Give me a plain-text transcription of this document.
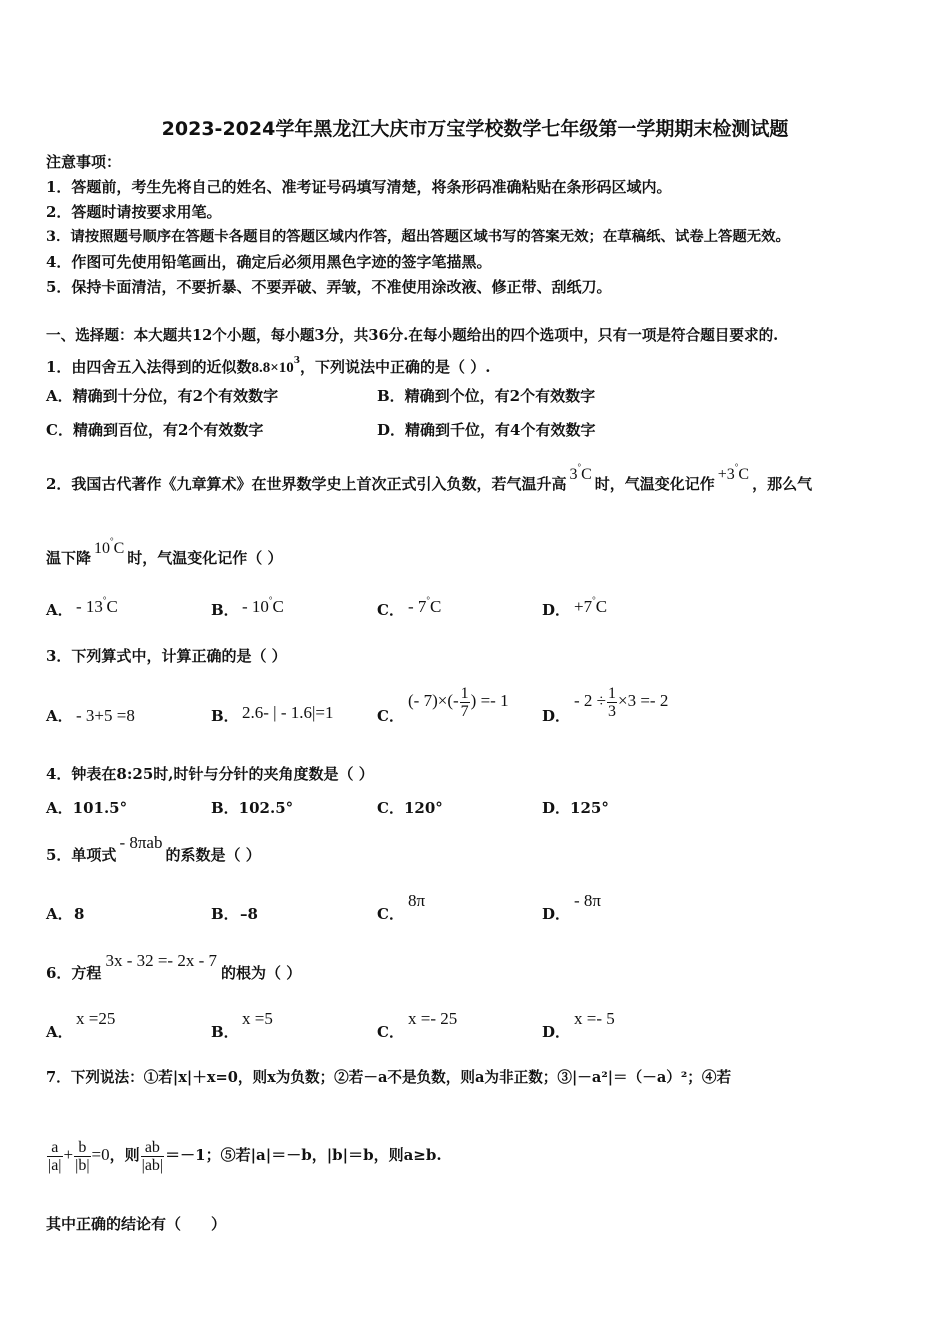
2023-2024学年黑龙江大庆市万宝学校数学七年级第一学期期末检测试题
注意事项：
1．答题前，考生先将自己的姓名、准考证号码填写清楚，将条形码准确粘贴在条形码区域内。
2．答题时请按要求用笔。
3．请按照题号顺序在答题卡各题目的答题区域内作答，超出答题区域书写的答案无效；在草稿纸、试卷上答题无效。
4．作图可先使用铅笔画出，确定后必须用黑色字迹的签字笔描黑。
5．保持卡面清洁，不要折暴、不要弄破、弄皱，不准使用涂改液、修正带、刮纸刀。
一、选择题：本大题共12个小题，每小题3分，共36分.在每小题给出的四个选项中，只有一项是符合题目要求的.
1．由四舍五入法得到的近似数$8.8\times 10^3$，下列说法中正确的是（ ）.
A．精确到十分位，有2个有效数字	B．精确到个位，有2个有效数字
C．精确到百位，有2个有效数字	D．精确到千位，有4个有效数字
2．我国古代著作《九章算术》在世界数学史上首次正式引入负数，若气温升高3°C时，气温变化记作+3°C，那么气
温下降10°C时，气温变化记作（ ）
A． - 13°C	B． - 10°C	C． - 7°C	D． +7°C
3．下列算式中，计算正确的是（ ）
A． - 3+5 =8	B． 2.6- | - 1.6|=1	C．
(- $7)\times(- \frac{1}{7}$ ) =- 1
D．
- $2 \div \frac{1}{3} \times 3 =- 2$
4．钟表在8:25时,时针与分针的夹角度数是（ ）
A．101.5°	B．102.5°	C．120°	D．125°
5．单项式- 8πab的系数是（ ）
A． 8	B． –8	C．
8π
D．
- 8π
6．方程3x - 32 =- 2x - 7的根为（ ）
A．
x =25
B．
x =5
C．
x =- 25
D．
x =- 5
7．下列说法：①若|x|＋x=0，则x为负数；②若－a不是负数，则a为非正数；③|－a²|＝（－a）²；④若
$\frac{a}{|a|} + \frac{b}{|b|} =0$，则 $\frac{ab}{|ab|} =-1$；⑤若|a|＝－b，|b|＝b，则a≥b.
其中正确的结论有（　　）
